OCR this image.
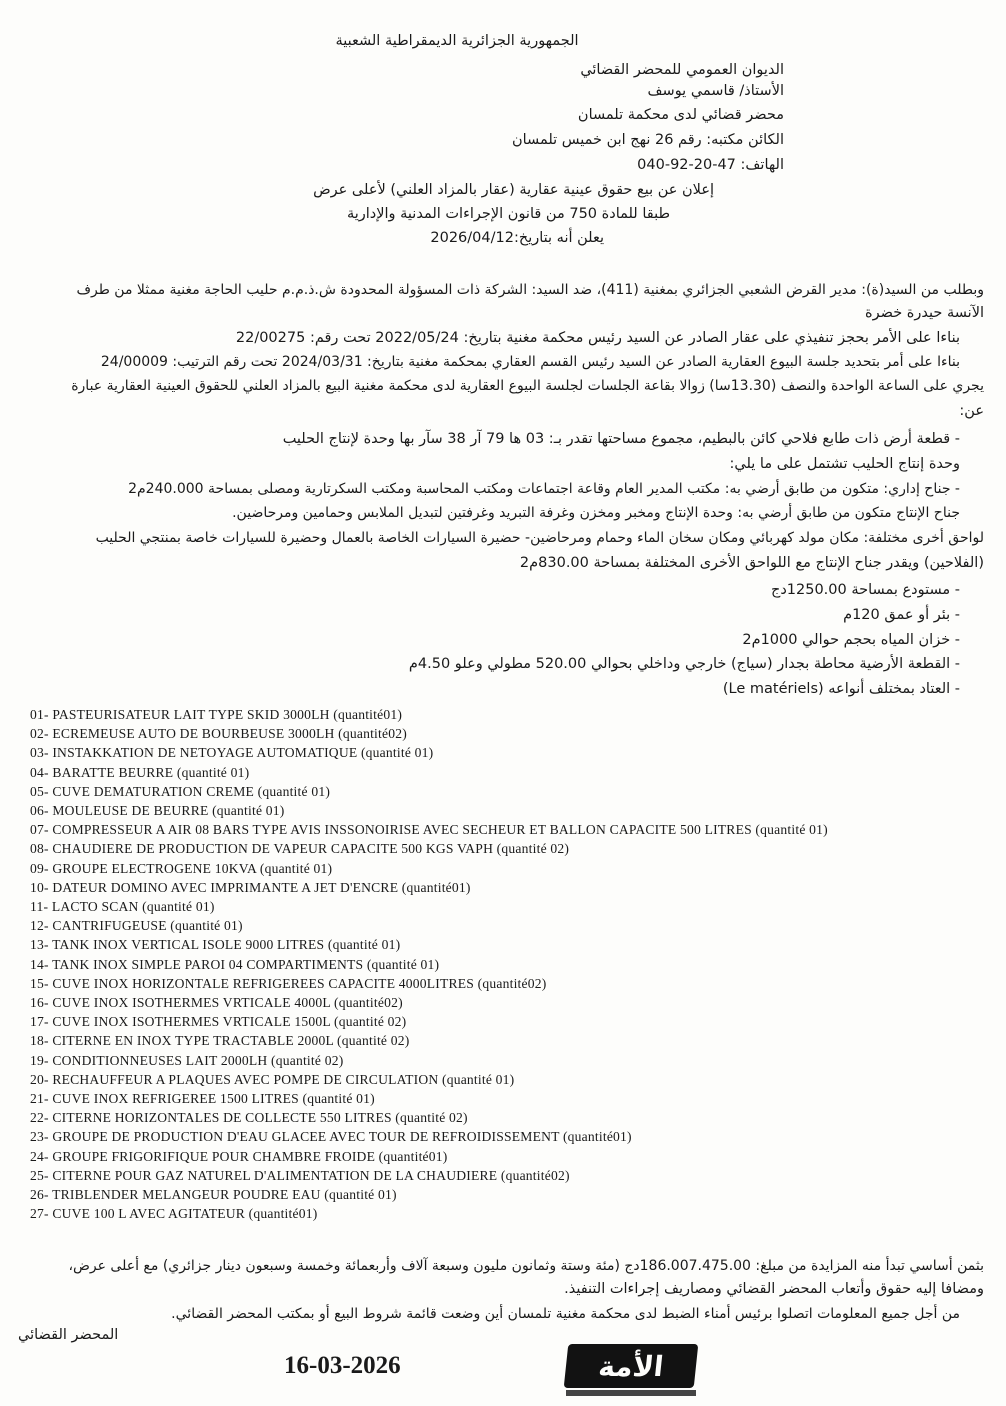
الجمهورية الجزائرية الديمقراطية الشعبية
الديوان العمومي للمحضر القضائي
الأستاذ/ قاسمي يوسف
محضر قضائي لدى محكمة تلمسان
الكائن مكتبه: رقم 26 نهج ابن خميس تلمسان
الهاتف: 47-20-92-040
إعلان عن بيع حقوق عينية عقارية (عقار بالمزاد العلني) لأعلى عرض
طبقا للمادة 750 من قانون الإجراءات المدنية والإدارية
يعلن أنه بتاريخ:2026/04/12
وبطلب من السيد(ة): مدير القرض الشعبي الجزائري بمغنية (411)، ضد السيد: الشركة ذات المسؤولة المحدودة ش.ذ.م.م حليب الحاجة مغنية ممثلا من طرف
الآنسة حيدرة خضرة
بناءا على الأمر بحجز تنفيذي على عقار الصادر عن السيد رئيس محكمة مغنية بتاريخ: 2022/05/24 تحت رقم: 22/00275
بناءا على أمر بتحديد جلسة البيوع العقارية الصادر عن السيد رئيس القسم العقاري بمحكمة مغنية بتاريخ: 2024/03/31 تحت رقم الترتيب: 24/00009
يجري على الساعة الواحدة والنصف (13.30سا) زوالا بقاعة الجلسات لجلسة البيوع العقارية لدى محكمة مغنية البيع بالمزاد العلني للحقوق العينية العقارية عبارة
عن:
- قطعة أرض ذات طابع فلاحي كائن بالبطيم، مجموع مساحتها تقدر بـ: 03 ها 79 آر 38 سآر بها وحدة لإنتاج الحليب
وحدة إنتاج الحليب تشتمل على ما يلي:
- جناح إداري: متكون من طابق أرضي به: مكتب المدير العام وقاعة اجتماعات ومكتب المحاسبة ومكتب السكرتارية ومصلى بمساحة 240.000م2
جناح الإنتاج متكون من طابق أرضي به: وحدة الإنتاج ومخبر ومخزن وغرفة التبريد وغرفتين لتبديل الملابس وحمامين ومرحاضين.
لواحق أخرى مختلفة: مكان مولد كهربائي ومكان سخان الماء وحمام ومرحاضين- حضيرة السيارات الخاصة بالعمال وحضيرة للسيارات خاصة بمنتجي الحليب
(الفلاحين) ويقدر جناح الإنتاج مع اللواحق الأخرى المختلفة بمساحة 830.00م2
- مستودع بمساحة 1250.00دج
- بئر أو عمق 120م
- خزان المياه بحجم حوالي 1000م2
- القطعة الأرضية محاطة بجدار (سياج) خارجي وداخلي بحوالي 520.00 مطولي وعلو 4.50م
- العتاد بمختلف أنواعه (Le matériels)
01- PASTEURISATEUR LAIT TYPE SKID 3000LH (quantité01)
02- ECREMEUSE AUTO DE BOURBEUSE 3000LH (quantité02)
03- INSTAKKATION DE NETOYAGE AUTOMATIQUE (quantité 01)
04- BARATTE BEURRE (quantité 01)
05- CUVE DEMATURATION CREME (quantité 01)
06- MOULEUSE DE BEURRE (quantité 01)
07- COMPRESSEUR A AIR 08 BARS TYPE AVIS INSSONOIRISE AVEC SECHEUR ET BALLON CAPACITE 500 LITRES (quantité 01)
08- CHAUDIERE DE PRODUCTION DE VAPEUR CAPACITE 500 KGS VAPH (quantité 02)
09- GROUPE ELECTROGENE 10KVA (quantité 01)
10- DATEUR DOMINO AVEC IMPRIMANTE A JET D'ENCRE (quantité01)
11- LACTO SCAN (quantité 01)
12- CANTRIFUGEUSE (quantité 01)
13- TANK INOX VERTICAL ISOLE 9000 LITRES (quantité 01)
14- TANK INOX SIMPLE PAROI 04 COMPARTIMENTS (quantité 01)
15- CUVE INOX HORIZONTALE REFRIGEREES CAPACITE 4000LITRES (quantité02)
16- CUVE INOX ISOTHERMES VRTICALE 4000L (quantité02)
17- CUVE INOX ISOTHERMES VRTICALE 1500L (quantité 02)
18- CITERNE EN INOX TYPE TRACTABLE 2000L (quantité 02)
19- CONDITIONNEUSES LAIT 2000LH (quantité 02)
20- RECHAUFFEUR A PLAQUES AVEC POMPE DE CIRCULATION (quantité 01)
21- CUVE INOX REFRIGEREE 1500 LITRES (quantité 01)
22- CITERNE HORIZONTALES DE COLLECTE 550 LITRES (quantité 02)
23- GROUPE DE PRODUCTION D'EAU GLACEE AVEC TOUR DE REFROIDISSEMENT (quantité01)
24- GROUPE FRIGORIFIQUE POUR CHAMBRE FROIDE (quantité01)
25- CITERNE POUR GAZ NATUREL D'ALIMENTATION DE LA CHAUDIERE (quantité02)
26- TRIBLENDER MELANGEUR POUDRE EAU (quantité 01)
27- CUVE 100 L AVEC AGITATEUR (quantité01)
بثمن أساسي تبدأ منه المزايدة من مبلغ: 186.007.475.00دج (مئة وستة وثمانون مليون وسبعة آلاف وأربعمائة وخمسة وسبعون دينار جزائري) مع أعلى عرض،
ومضافا إليه حقوق وأتعاب المحضر القضائي ومصاريف إجراءات التنفيذ.
من أجل جميع المعلومات اتصلوا برئيس أمناء الضبط لدى محكمة مغنية تلمسان أين وضعت قائمة شروط البيع أو بمكتب المحضر القضائي.
المحضر القضائي
16-03-2026	الأمة
